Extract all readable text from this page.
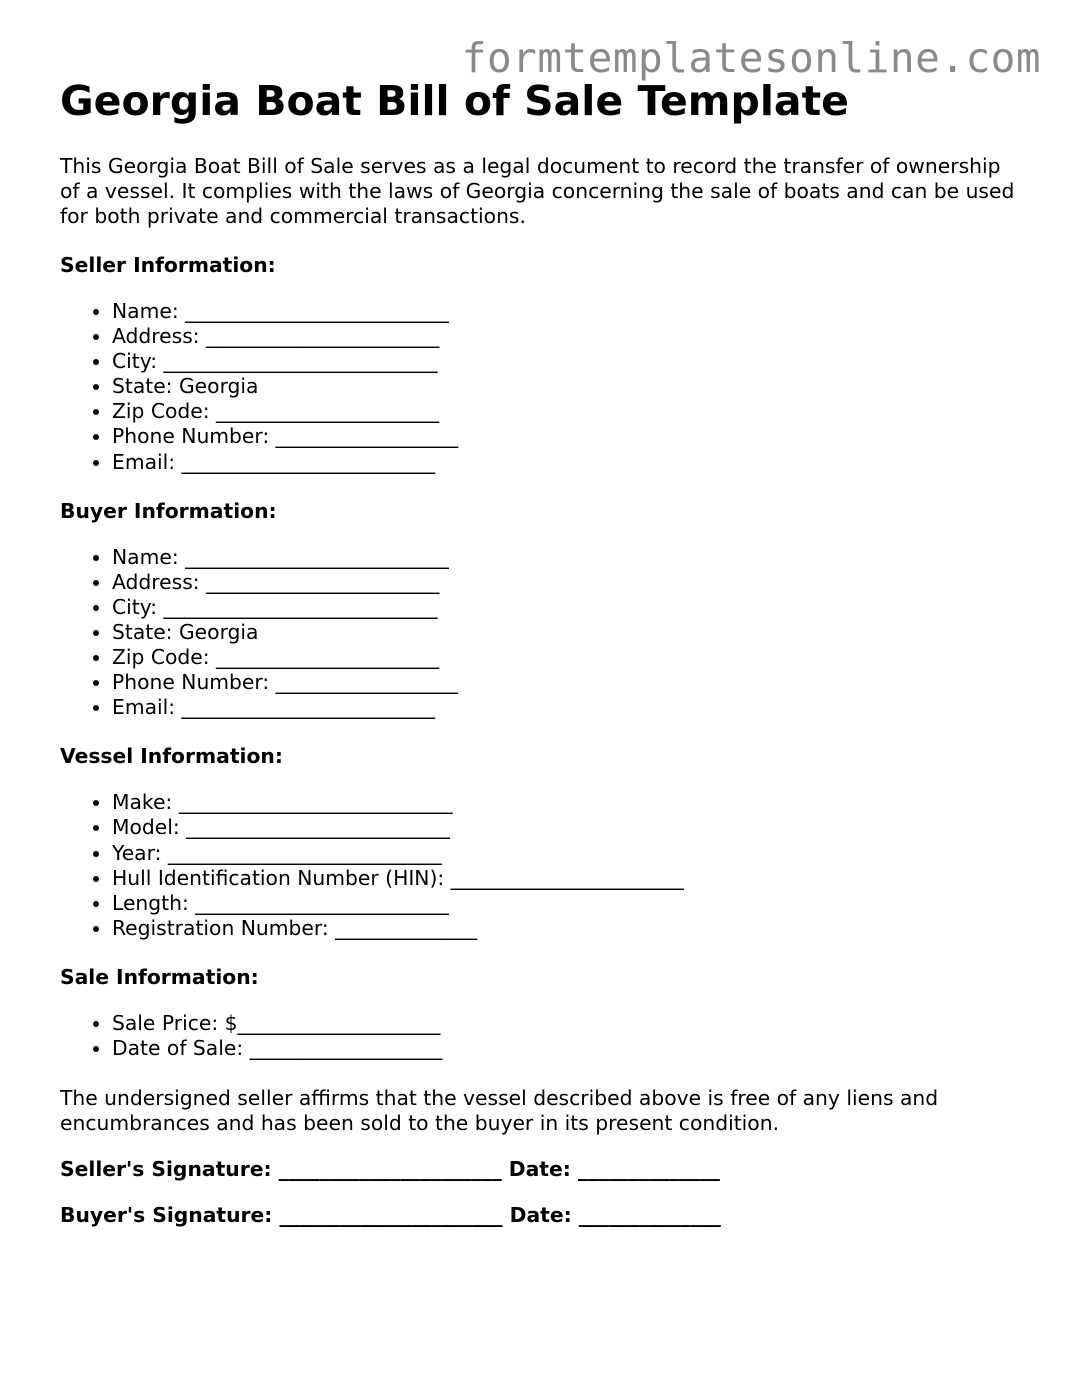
formtemplatesonline.com
Georgia Boat Bill of Sale Template

This Georgia Boat Bill of Sale serves as a legal document to record the transfer of ownership of a vessel. It complies with the laws of Georgia concerning the sale of boats and can be used for both private and commercial transactions.

Seller Information:
• Name: __________________________
• Address: _______________________
• City: ___________________________
• State: Georgia
• Zip Code: ______________________
• Phone Number: __________________
• Email: _________________________
Buyer Information:
• Name: __________________________
• Address: _______________________
• City: ___________________________
• State: Georgia
• Zip Code: ______________________
• Phone Number: __________________
• Email: _________________________
Vessel Information:
• Make: ___________________________
• Model: __________________________
• Year: ___________________________
• Hull Identification Number (HIN): _______________________
• Length: _________________________
• Registration Number: ______________
Sale Information:
• Sale Price: $____________________
• Date of Sale: ___________________

The undersigned seller affirms that the vessel described above is free of any liens and encumbrances and has been sold to the buyer in its present condition.

Seller's Signature: ______________________ Date: ______________

Buyer's Signature: ______________________ Date: ______________
